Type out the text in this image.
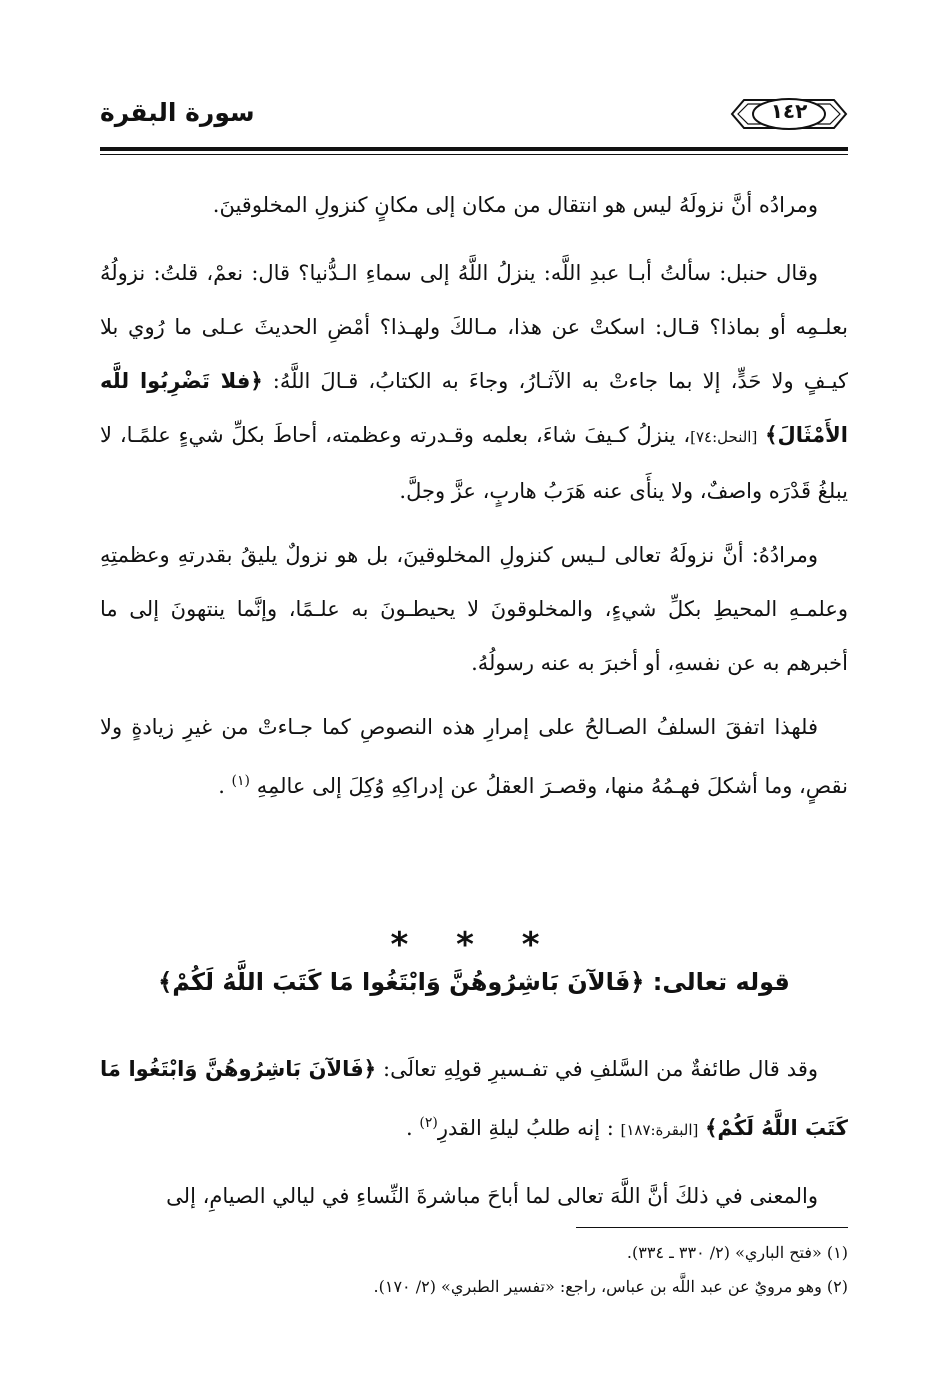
سورة البقرة	١٤٢

ومرادُه أنَّ نزولَهُ ليس هو انتقال من مكان إلى مكانٍ كنزولِ المخلوقينَ.

وقال حنبل: سألتُ أبـا عبدِ اللَّه: ينزلُ اللَّهُ إلى سماءِ الـدُّنيا؟ قال: نعمْ، قلتُ: نزولُهُ بعلـمِه أو بماذا؟ قـال: اسكتْ عن هذا، مـالكَ ولهـذا؟ أمْضِ الحديثَ عـلى ما رُوي بلا كيـفٍ ولا حَدٍّ، إلا بما جاءتْ به الآثـارُ، وجاءَ به الكتابُ، قـالَ اللَّهُ: ﴿فلا تَضْرِبُوا للَّه الأَمْثَالَ﴾ [النحل:٧٤]، ينزلُ كـيفَ شاءَ، بعلمه وقـدرته وعظمته، أحاطَ بكلِّ شيءٍ علمًـا، لا يبلغُ قَدْرَه واصفٌ، ولا ينأَى عنه هَرَبُ هاربٍ، عزَّ وجلَّ.

ومرادُهُ: أنَّ نزولَهُ تعالى لـيس كنزولِ المخلوقينَ، بل هو نزولٌ يليقُ بقدرتهِ وعظمتِهِ وعلمـهِ المحيطِ بكلِّ شيءٍ، والمخلوقونَ لا يحيطـونَ به علـمًا، وإنَّما ينتهونَ إلى ما أخبرهم به عن نفسهِ، أو أخبرَ به عنه رسولُهُ.

فلهذا اتفقَ السلفُ الصـالحُ على إمرارِ هذه النصوصِ كما جـاءتْ من غيرِ زيادةٍ ولا نقصٍ، وما أشكلَ فهـمُهُ منها، وقصـرَ العقلُ عن إدراكِهِ وُكِلَ إلى عالمِهِ $^{(١)}$ .

* * *
قوله تعالى: ﴿فَالآنَ بَاشِرُوهُنَّ وَابْتَغُوا مَا كَتَبَ اللَّهُ لَكُمْ﴾

وقد قال طائفةٌ من السَّلفِ في تفـسيرِ قولِهِ تعالَى: ﴿فَالآنَ بَاشِرُوهُنَّ وَابْتَغُوا مَا كَتَبَ اللَّهُ لَكُمْ﴾ [البقرة:١٨٧] : إنه طلبُ ليلةِ القدرِ$^{(٢)}$ .

والمعنى في ذلكَ أنَّ اللَّهَ تعالى لما أباحَ مباشرةَ النِّساءِ في ليالي الصيامِ، إلى

(١) «فتح الباري» (٢/ ٣٣٠ ـ ٣٣٤).
(٢) وهو مرويٌ عن عبد اللَّه بن عباس، راجع: «تفسير الطبري» (٢/ ١٧٠).
